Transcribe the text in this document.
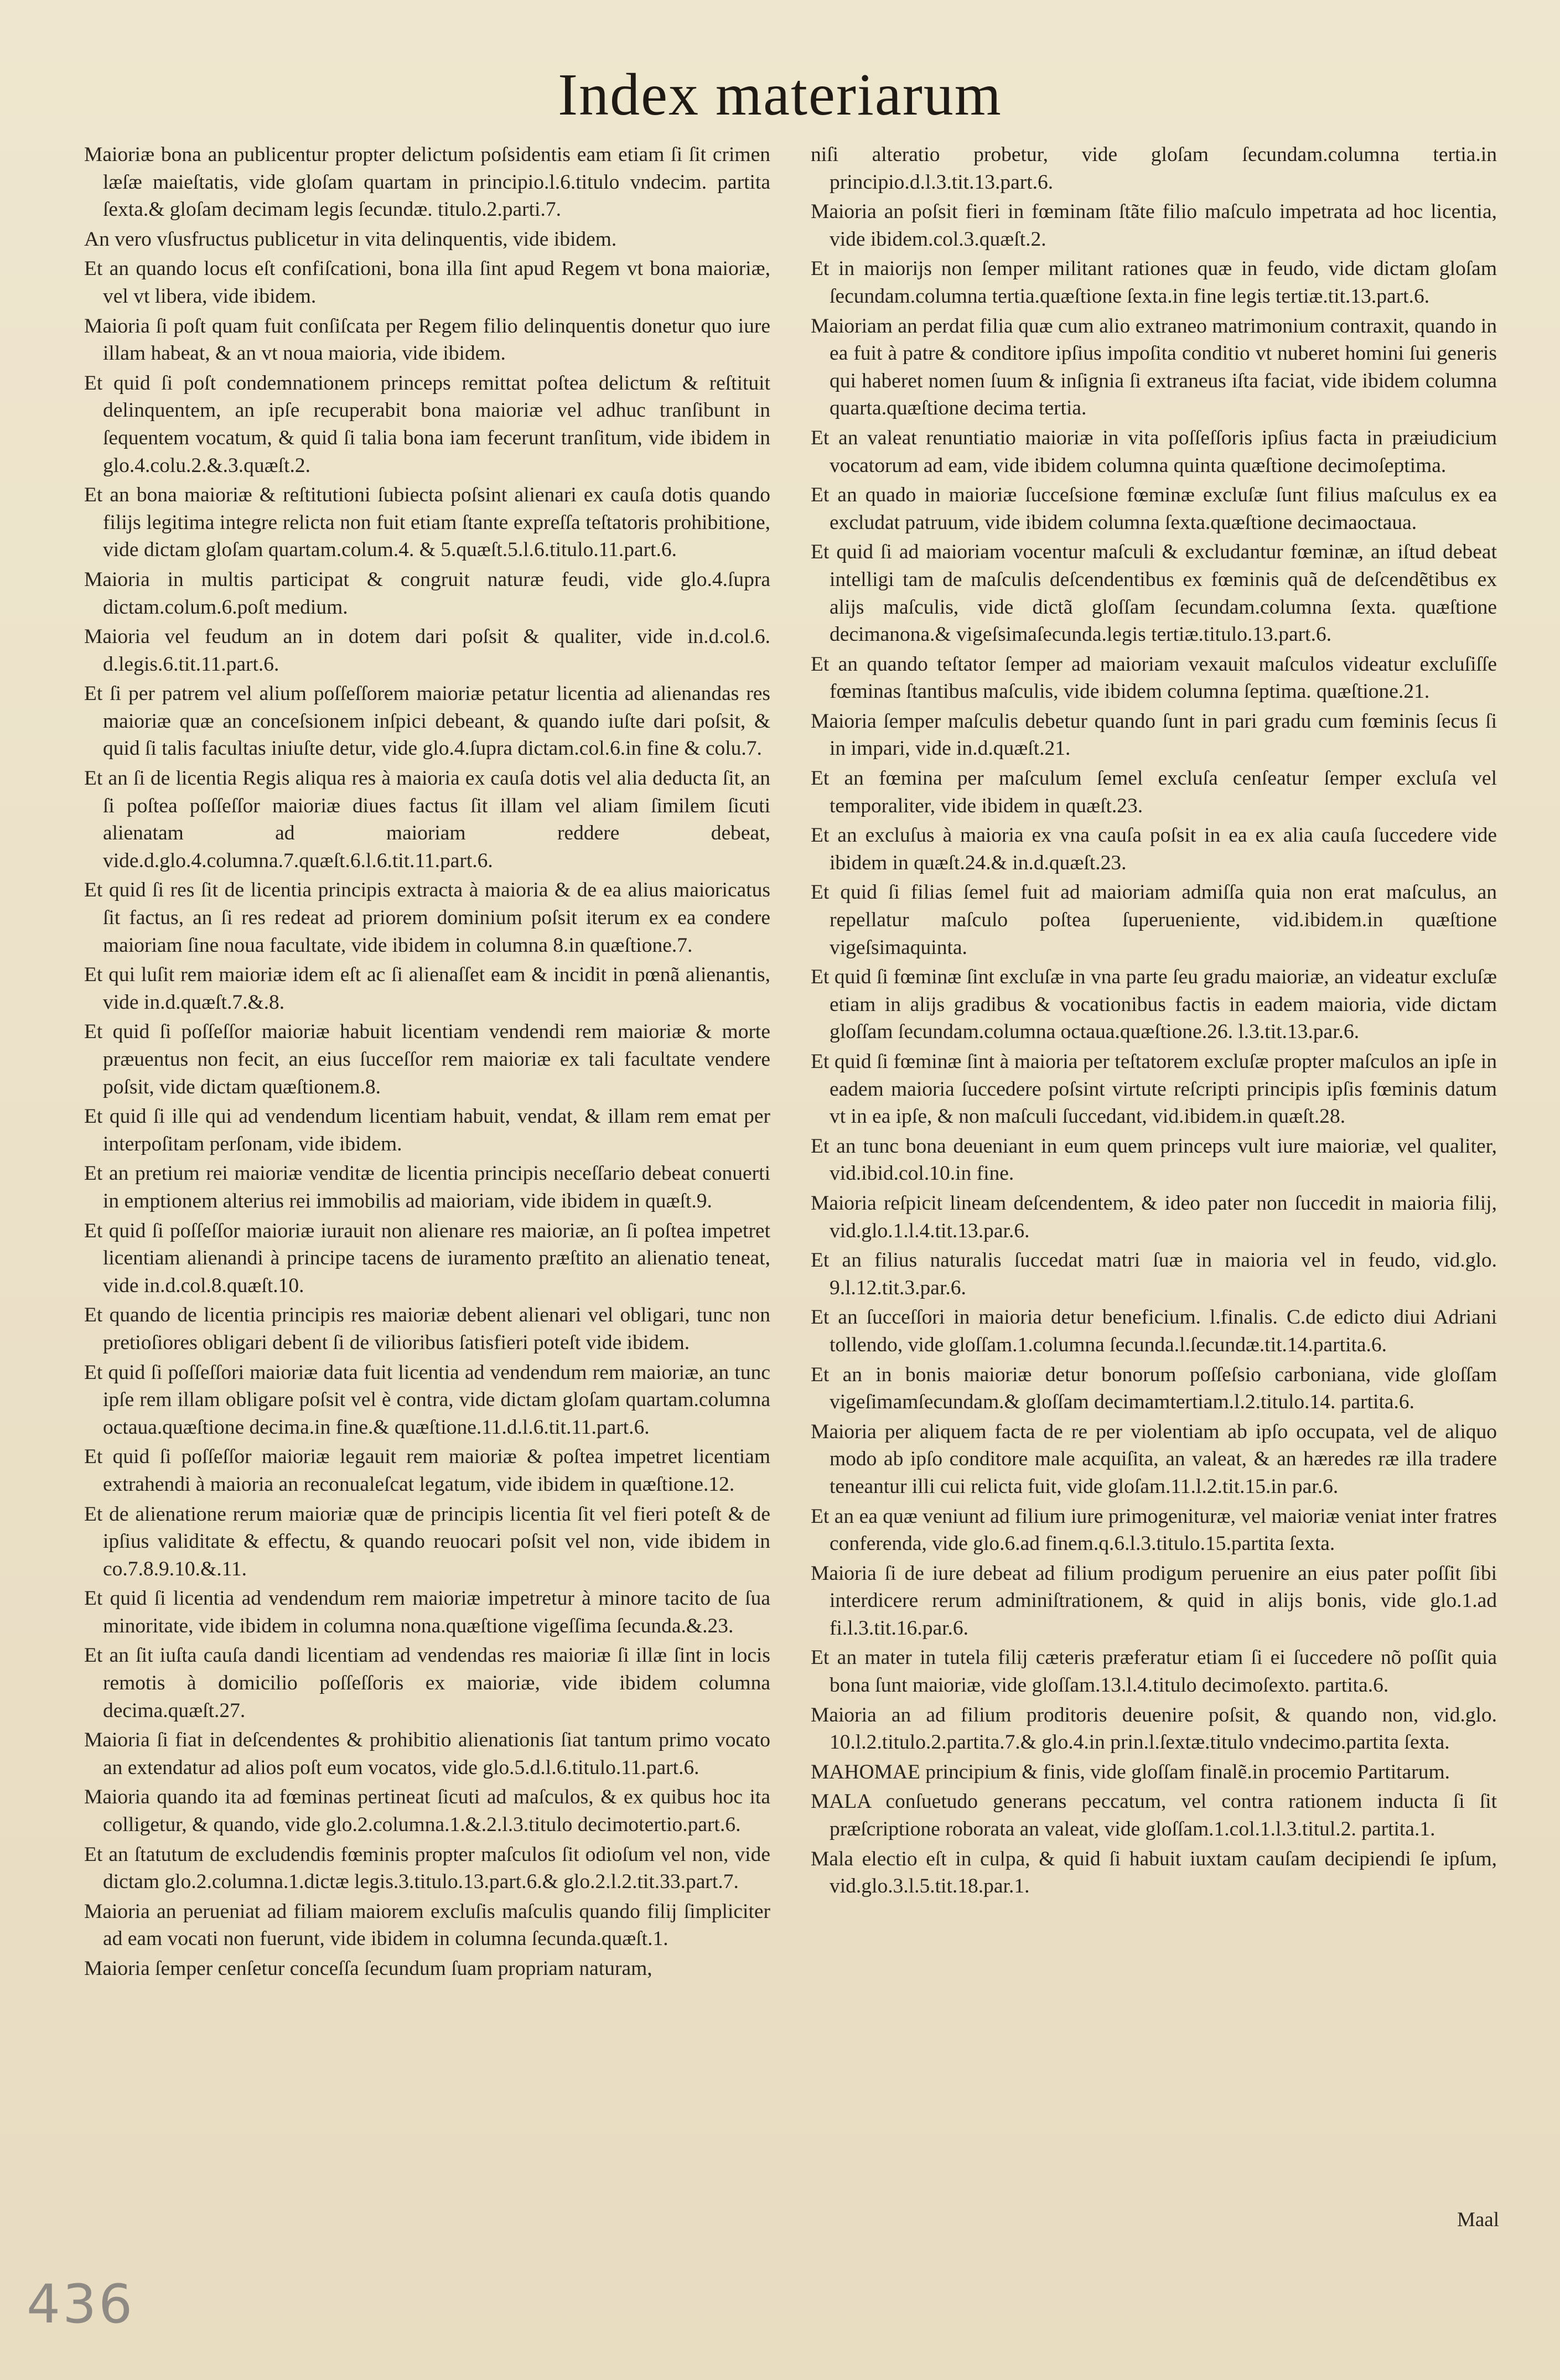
Index materiarum

Maioriæ bona an publicentur propter delictum poſsidentis eam etiam ſi ſit crimen læſæ maieſtatis, vide gloſam quartam in principio.l.6.titulo vndecim. partita ſexta.& gloſam decimam legis ſecundæ. titulo.2.parti.7.

An vero vſusfructus publicetur in vita delinquentis, vide ibidem.

Et an quando locus eſt confiſcationi, bona illa ſint apud Regem vt bona maioriæ, vel vt libera, vide ibidem.

Maioria ſi poſt quam fuit conſiſcata per Regem filio delinquentis donetur quo iure illam habeat, & an vt noua maioria, vide ibidem.

Et quid ſi poſt condemnationem princeps remittat poſtea delictum & reſtituit delinquentem, an ipſe recuperabit bona maioriæ vel adhuc tranſibunt in ſequentem vocatum, & quid ſi talia bona iam fecerunt tranſitum, vide ibidem in glo.4.colu.2.&.3.quæſt.2.

Et an bona maioriæ & reſtitutioni ſubiecta poſsint alienari ex cauſa dotis quando filijs legitima integre relicta non fuit etiam ſtante expreſſa teſtatoris prohibitione, vide dictam gloſam quartam.colum.4. & 5.quæſt.5.l.6.titulo.11.part.6.

Maioria in multis participat & congruit naturæ feudi, vide glo.4.ſupra dictam.colum.6.poſt medium.

Maioria vel feudum an in dotem dari poſsit & qualiter, vide in.d.col.6. d.legis.6.tit.11.part.6.

Et ſi per patrem vel alium poſſeſſorem maioriæ petatur licentia ad alienandas res maioriæ quæ an conceſsionem inſpici debeant, & quando iuſte dari poſsit, & quid ſi talis facultas iniuſte detur, vide glo.4.ſupra dictam.col.6.in fine & colu.7.

Et an ſi de licentia Regis aliqua res à maioria ex cauſa dotis vel alia deducta ſit, an ſi poſtea poſſeſſor maioriæ diues factus ſit illam vel aliam ſimilem ſicuti alienatam ad maioriam reddere debeat, vide.d.glo.4.columna.7.quæſt.6.l.6.tit.11.part.6.

Et quid ſi res ſit de licentia principis extracta à maioria & de ea alius maioricatus ſit factus, an ſi res redeat ad priorem dominium poſsit iterum ex ea condere maioriam ſine noua facultate, vide ibidem in columna 8.in quæſtione.7.

Et qui luſit rem maioriæ idem eſt ac ſi alienaſſet eam & incidit in pœnã alienantis, vide in.d.quæſt.7.&.8.

Et quid ſi poſſeſſor maioriæ habuit licentiam vendendi rem maioriæ & morte præuentus non fecit, an eius ſucceſſor rem maioriæ ex tali facultate vendere poſsit, vide dictam quæſtionem.8.

Et quid ſi ille qui ad vendendum licentiam habuit, vendat, & illam rem emat per interpoſitam perſonam, vide ibidem.

Et an pretium rei maioriæ venditæ de licentia principis neceſſario debeat conuerti in emptionem alterius rei immobilis ad maioriam, vide ibidem in quæſt.9.

Et quid ſi poſſeſſor maioriæ iurauit non alienare res maioriæ, an ſi poſtea impetret licentiam alienandi à principe tacens de iuramento præſtito an alienatio teneat, vide in.d.col.8.quæſt.10.

Et quando de licentia principis res maioriæ debent alienari vel obligari, tunc non pretioſiores obligari debent ſi de vilioribus ſatisfieri poteſt vide ibidem.

Et quid ſi poſſeſſori maioriæ data fuit licentia ad vendendum rem maioriæ, an tunc ipſe rem illam obligare poſsit vel è contra, vide dictam gloſam quartam.columna octaua.quæſtione decima.in fine.& quæſtione.11.d.l.6.tit.11.part.6.

Et quid ſi poſſeſſor maioriæ legauit rem maioriæ & poſtea impetret licentiam extrahendi à maioria an reconualeſcat legatum, vide ibidem in quæſtione.12.

Et de alienatione rerum maioriæ quæ de principis licentia ſit vel fieri poteſt & de ipſius validitate & effectu, & quando reuocari poſsit vel non, vide ibidem in co.7.8.9.10.&.11.

Et quid ſi licentia ad vendendum rem maioriæ impetretur à minore tacito de ſua minoritate, vide ibidem in columna nona.quæſtione vigeſſima ſecunda.&.23.

Et an ſit iuſta cauſa dandi licentiam ad vendendas res maioriæ ſi illæ ſint in locis remotis à domicilio poſſeſſoris ex maioriæ, vide ibidem columna decima.quæſt.27.

Maioria ſi fiat in deſcendentes & prohibitio alienationis ſiat tantum primo vocato an extendatur ad alios poſt eum vocatos, vide glo.5.d.l.6.titulo.11.part.6.

Maioria quando ita ad fœminas pertineat ſicuti ad maſculos, & ex quibus hoc ita colligetur, & quando, vide glo.2.columna.1.&.2.l.3.titulo decimotertio.part.6.

Et an ſtatutum de excludendis fœminis propter maſculos ſit odioſum vel non, vide dictam glo.2.columna.1.dictæ legis.3.titulo.13.part.6.& glo.2.l.2.tit.33.part.7.

Maioria an perueniat ad filiam maiorem excluſis maſculis quando filij ſimpliciter ad eam vocati non fuerunt, vide ibidem in columna ſecunda.quæſt.1.

Maioria ſemper cenſetur conceſſa ſecundum ſuam propriam naturam,

niſi alteratio probetur, vide gloſam ſecundam.columna tertia.in principio.d.l.3.tit.13.part.6.

Maioria an poſsit fieri in fœminam ſtãte filio maſculo impetrata ad hoc licentia, vide ibidem.col.3.quæſt.2.

Et in maiorijs non ſemper militant rationes quæ in feudo, vide dictam gloſam ſecundam.columna tertia.quæſtione ſexta.in fine legis tertiæ.tit.13.part.6.

Maioriam an perdat filia quæ cum alio extraneo matrimonium contraxit, quando in ea fuit à patre & conditore ipſius impoſita conditio vt nuberet homini ſui generis qui haberet nomen ſuum & inſignia ſi extraneus iſta faciat, vide ibidem columna quarta.quæſtione decima tertia.

Et an valeat renuntiatio maioriæ in vita poſſeſſoris ipſius facta in præiudicium vocatorum ad eam, vide ibidem columna quinta quæſtione decimoſeptima.

Et an quado in maioriæ ſucceſsione fœminæ excluſæ ſunt filius maſculus ex ea excludat patruum, vide ibidem columna ſexta.quæſtione decimaoctaua.

Et quid ſi ad maioriam vocentur maſculi & excludantur fœminæ, an iſtud debeat intelligi tam de maſculis deſcendentibus ex fœminis quã de deſcendẽtibus ex alijs maſculis, vide dictã gloſſam ſecundam.columna ſexta. quæſtione decimanona.& vigeſsimaſecunda.legis tertiæ.titulo.13.part.6.

Et an quando teſtator ſemper ad maioriam vexauit maſculos videatur excluſiſſe fœminas ſtantibus maſculis, vide ibidem columna ſeptima. quæſtione.21.

Maioria ſemper maſculis debetur quando ſunt in pari gradu cum fœminis ſecus ſi in impari, vide in.d.quæſt.21.

Et an fœmina per maſculum ſemel excluſa cenſeatur ſemper excluſa vel temporaliter, vide ibidem in quæſt.23.

Et an excluſus à maioria ex vna cauſa poſsit in ea ex alia cauſa ſuccedere vide ibidem in quæſt.24.& in.d.quæſt.23.

Et quid ſi filias ſemel fuit ad maioriam admiſſa quia non erat maſculus, an repellatur maſculo poſtea ſuperueniente, vid.ibidem.in quæſtione vigeſsimaquinta.

Et quid ſi fœminæ ſint excluſæ in vna parte ſeu gradu maioriæ, an videatur excluſæ etiam in alijs gradibus & vocationibus factis in eadem maioria, vide dictam gloſſam ſecundam.columna octaua.quæſtione.26. l.3.tit.13.par.6.

Et quid ſi fœminæ ſint à maioria per teſtatorem excluſæ propter maſculos an ipſe in eadem maioria ſuccedere poſsint virtute reſcripti principis ipſis fœminis datum vt in ea ipſe, & non maſculi ſuccedant, vid.ibidem.in quæſt.28.

Et an tunc bona deueniant in eum quem princeps vult iure maioriæ, vel qualiter, vid.ibid.col.10.in fine.

Maioria reſpicit lineam deſcendentem, & ideo pater non ſuccedit in maioria filij, vid.glo.1.l.4.tit.13.par.6.

Et an filius naturalis ſuccedat matri ſuæ in maioria vel in feudo, vid.glo. 9.l.12.tit.3.par.6.

Et an ſucceſſori in maioria detur beneficium. l.finalis. C.de edicto diui Adriani tollendo, vide gloſſam.1.columna ſecunda.l.ſecundæ.tit.14.partita.6.

Et an in bonis maioriæ detur bonorum poſſeſsio carboniana, vide gloſſam vigeſimamſecundam.& gloſſam decimamtertiam.l.2.titulo.14. partita.6.

Maioria per aliquem facta de re per violentiam ab ipſo occupata, vel de aliquo modo ab ipſo conditore male acquiſita, an valeat, & an hæredes ræ illa tradere teneantur illi cui relicta fuit, vide gloſam.11.l.2.tit.15.in par.6.

Et an ea quæ veniunt ad filium iure primogenituræ, vel maioriæ veniat inter fratres conferenda, vide glo.6.ad finem.q.6.l.3.titulo.15.partita ſexta.

Maioria ſi de iure debeat ad filium prodigum peruenire an eius pater poſſit ſibi interdicere rerum adminiſtrationem, & quid in alijs bonis, vide glo.1.ad fi.l.3.tit.16.par.6.

Et an mater in tutela filij cæteris præferatur etiam ſi ei ſuccedere nõ poſſit quia bona ſunt maioriæ, vide gloſſam.13.l.4.titulo decimoſexto. partita.6.

Maioria an ad filium proditoris deuenire poſsit, & quando non, vid.glo. 10.l.2.titulo.2.partita.7.& glo.4.in prin.l.ſextæ.titulo vndecimo.partita ſexta.

MAHOMAE principium & finis, vide gloſſam finalẽ.in procemio Partitarum.

MALA conſuetudo generans peccatum, vel contra rationem inducta ſi ſit præſcriptione roborata an valeat, vide gloſſam.1.col.1.l.3.titul.2. partita.1.

Mala electio eſt in culpa, & quid ſi habuit iuxtam cauſam decipiendi ſe ipſum, vid.glo.3.l.5.tit.18.par.1.

Maal
436
